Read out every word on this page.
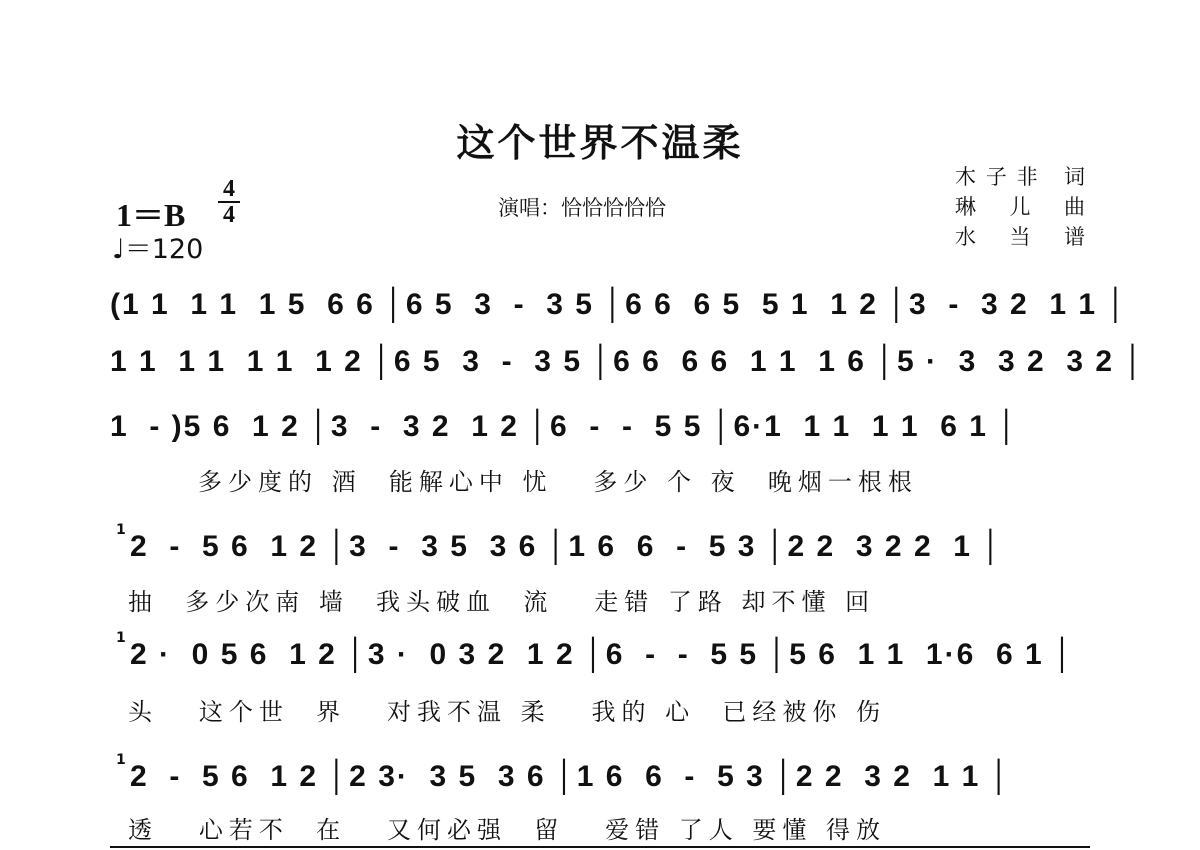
这个世界不温柔
木子非 词
琳 儿 曲
水 当 谱
演唱：恰恰恰恰恰
1＝B
4
4
♩＝120
(1 1  1 1  1 5  6 6 │6 5  3  -  3 5 │6 6  6 5  5 1  1 2 │3  -  3 2  1 1 │
1 1  1 1  1 1  1 2 │6 5  3  -  3 5 │6 6  6 6  1 1  1 6 │5 ·  3  3 2  3 2 │
1  - )5 6  1 2 │3  -  3 2  1 2 │6  -  -  5 5 │6·1  1 1  1 1  6 1 │
多少度的 酒  能解心中 忧   多少 个 夜  晚烟一根根
1 2  -  5 6  1 2 │3  -  3 5  3 6 │1 6  6  -  5 3 │2 2  3 2 2  1 │
抽  多少次南 墙  我头破血  流   走错 了路 却不懂 回
1 2 ·  0 5 6  1 2 │3 ·  0 3 2  1 2 │6  -  -  5 5 │5 6  1 1  1·6  6 1 │
头   这个世  界   对我不温 柔   我的 心  已经被你 伤
1 2  -  5 6  1 2 │2 3·  3 5  3 6 │1 6  6  -  5 3 │2 2  3 2  1 1 │
透   心若不  在   又何必强  留   爱错 了人 要懂 得放
